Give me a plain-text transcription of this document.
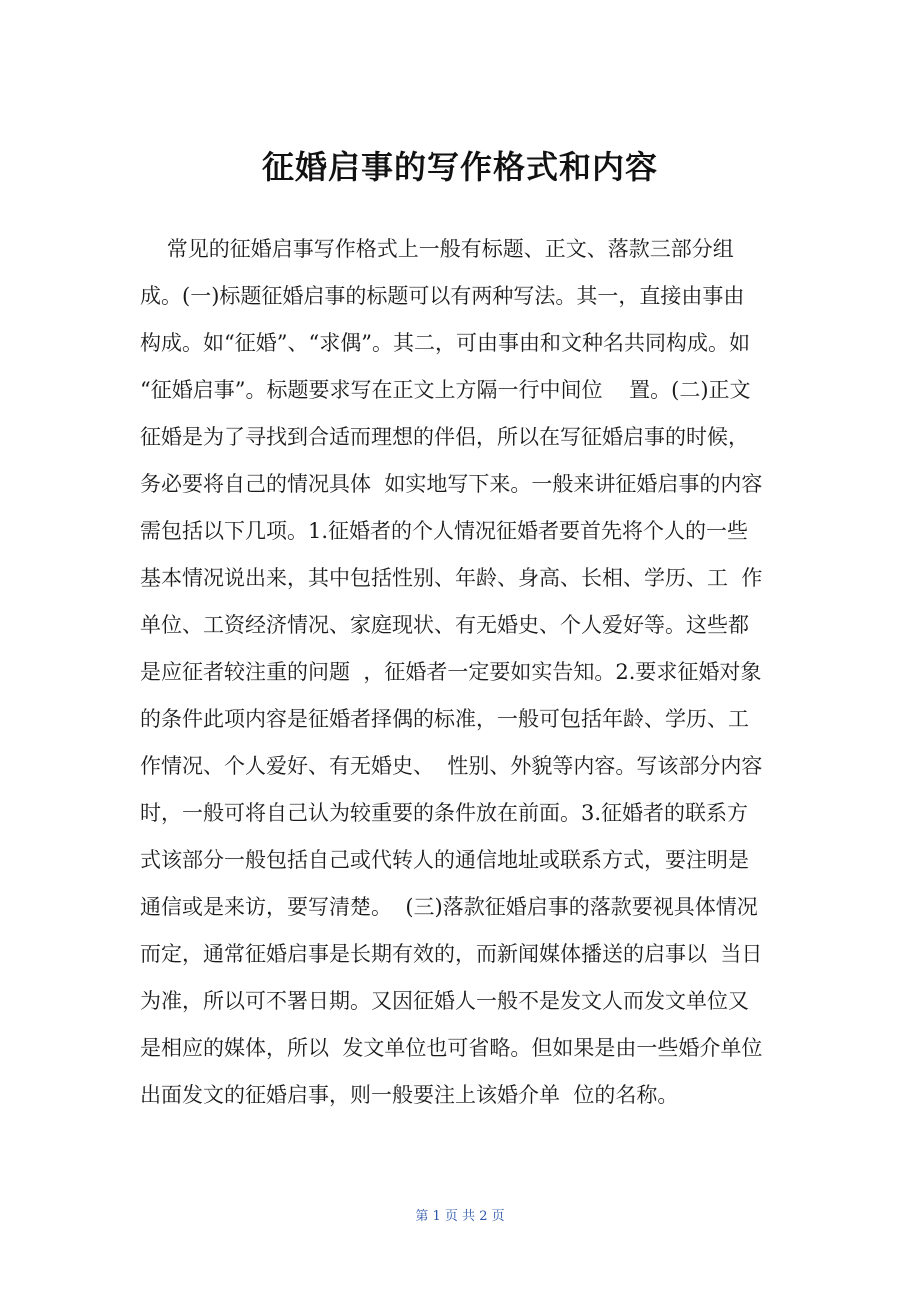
征婚启事的写作格式和内容
常见的征婚启事写作格式上一般有标题、正文、落款三部分组
成。(一)标题征婚启事的标题可以有两种写法。其一，直接由事由
构成。如“征婚”、“求偶”。其二，可由事由和文种名共同构成。如
“征婚启事”。标题要求写在正文上方隔一行中间位    置。(二)正文
征婚是为了寻找到合适而理想的伴侣，所以在写征婚启事的时候，
务必要将自己的情况具体  如实地写下来。一般来讲征婚启事的内容
需包括以下几项。1.征婚者的个人情况征婚者要首先将个人的一些
基本情况说出来，其中包括性别、年龄、身高、长相、学历、工  作
单位、工资经济情况、家庭现状、有无婚史、个人爱好等。这些都
是应征者较注重的问题  ，征婚者一定要如实告知。2.要求征婚对象
的条件此项内容是征婚者择偶的标准，一般可包括年龄、学历、工
作情况、个人爱好、有无婚史、  性别、外貌等内容。写该部分内容
时，一般可将自己认为较重要的条件放在前面。3.征婚者的联系方
式该部分一般包括自己或代转人的通信地址或联系方式，要注明是
通信或是来访，要写清楚。  (三)落款征婚启事的落款要视具体情况
而定，通常征婚启事是长期有效的，而新闻媒体播送的启事以  当日
为准，所以可不署日期。又因征婚人一般不是发文人而发文单位又
是相应的媒体，所以  发文单位也可省略。但如果是由一些婚介单位
出面发文的征婚启事，则一般要注上该婚介单  位的名称。
第 1 页 共 2 页
